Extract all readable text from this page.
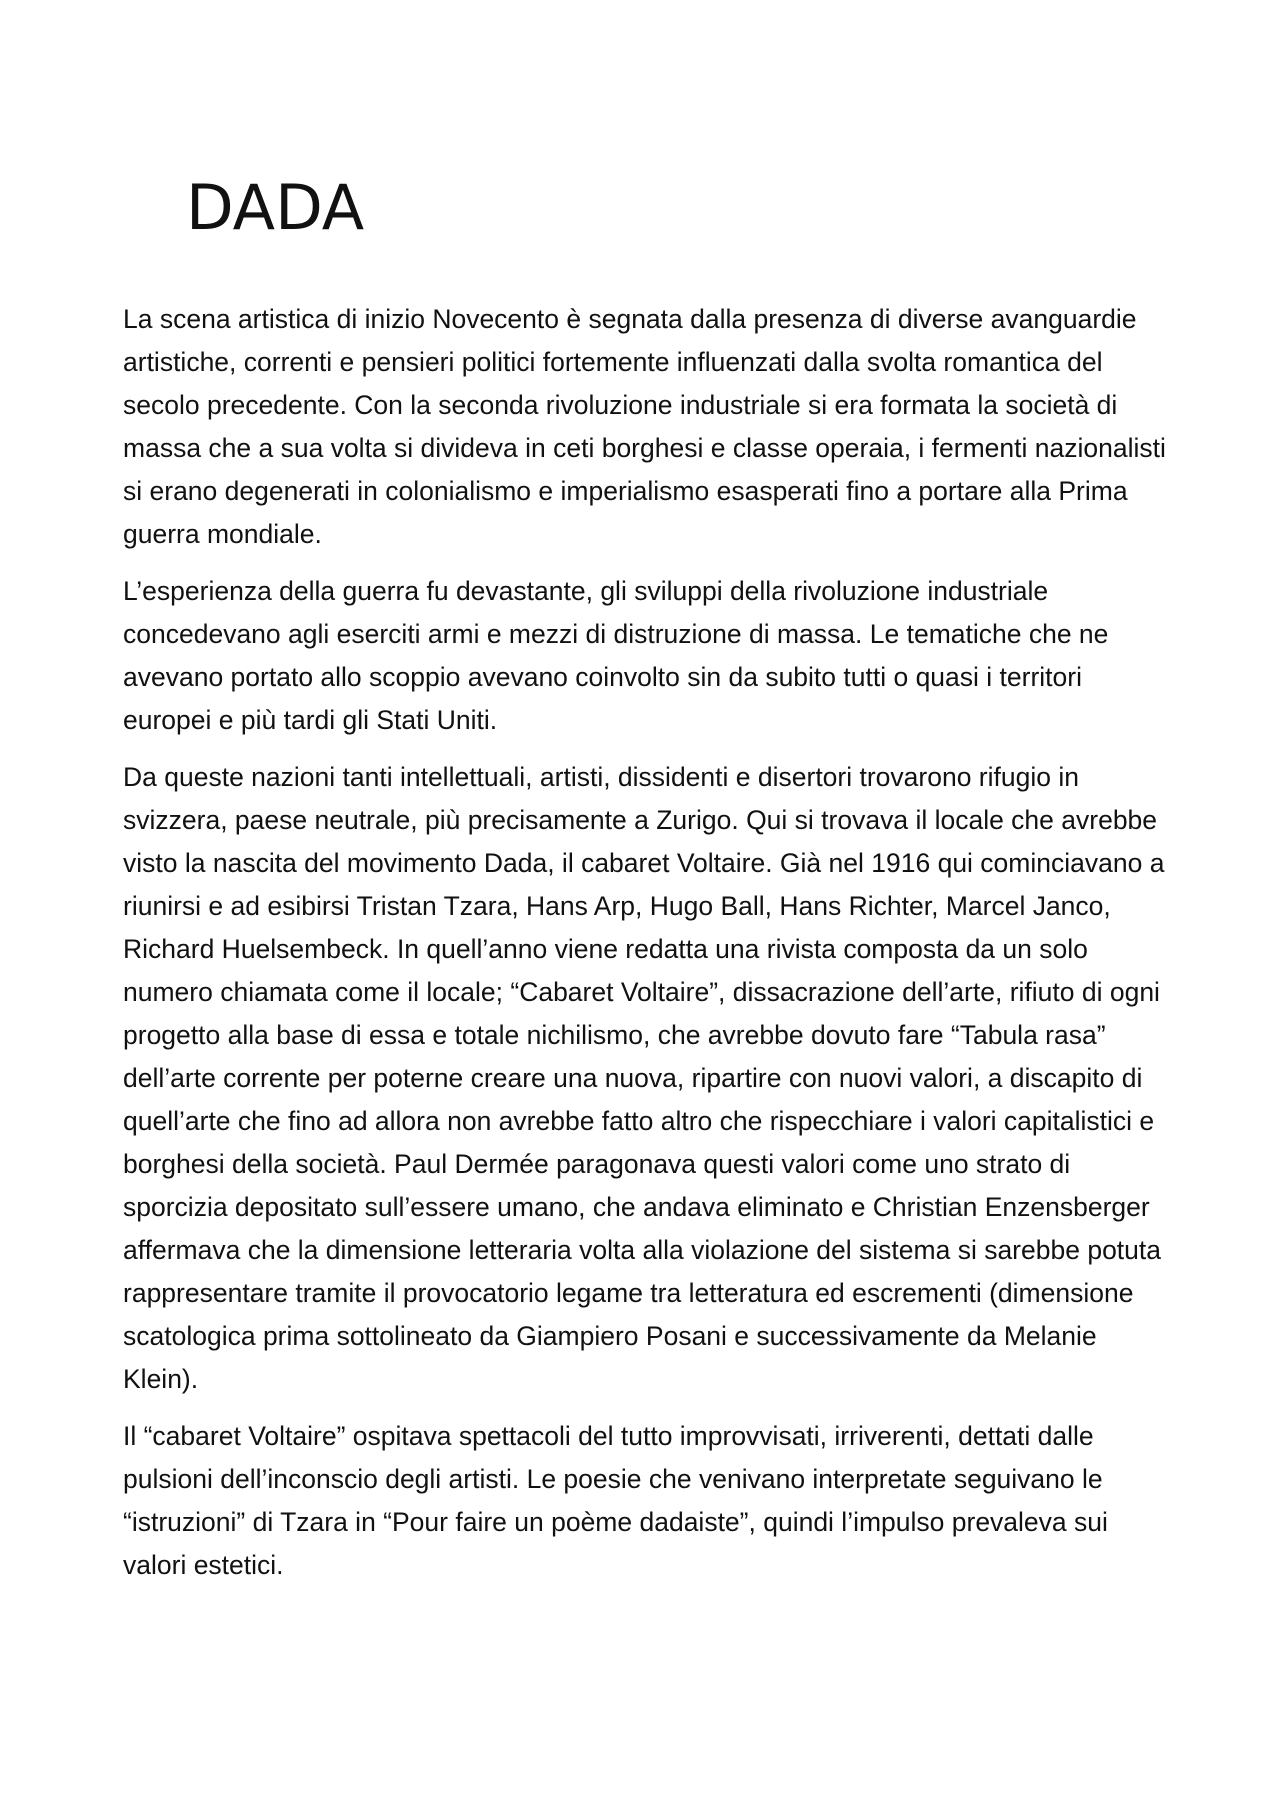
DADA

La scena artistica di inizio Novecento è segnata dalla presenza di diverse avanguardie artistiche, correnti e pensieri politici fortemente influenzati dalla svolta romantica del secolo precedente. Con la seconda rivoluzione industriale si era formata la società di massa che a sua volta si divideva in ceti borghesi e classe operaia, i fermenti nazionalisti si erano degenerati in colonialismo e imperialismo esasperati fino a portare alla Prima guerra mondiale.

L’esperienza della guerra fu devastante, gli sviluppi della rivoluzione industriale concedevano agli eserciti armi e mezzi di distruzione di massa. Le tematiche che ne avevano portato allo scoppio avevano coinvolto sin da subito tutti o quasi i territori europei e più tardi gli Stati Uniti.

Da queste nazioni tanti intellettuali, artisti, dissidenti e disertori trovarono rifugio in svizzera, paese neutrale, più precisamente a Zurigo. Qui si trovava il locale che avrebbe visto la nascita del movimento Dada, il cabaret Voltaire. Già nel 1916 qui cominciavano a riunirsi e ad esibirsi Tristan Tzara, Hans Arp, Hugo Ball, Hans Richter, Marcel Janco, Richard Huelsembeck. In quell’anno viene redatta una rivista composta da un solo numero chiamata come il locale; “Cabaret Voltaire”, dissacrazione dell’arte, rifiuto di ogni progetto alla base di essa e totale nichilismo, che avrebbe dovuto fare “Tabula rasa” dell’arte corrente per poterne creare una nuova, ripartire con nuovi valori, a discapito di quell’arte che fino ad allora non avrebbe fatto altro che rispecchiare i valori capitalistici e borghesi della società. Paul Dermée paragonava questi valori come uno strato di sporcizia depositato sull’essere umano, che andava eliminato e Christian Enzensberger affermava che la dimensione letteraria volta alla violazione del sistema si sarebbe potuta rappresentare tramite il provocatorio legame tra letteratura ed escrementi (dimensione scatologica prima sottolineato da Giampiero Posani e successivamente da Melanie Klein).

Il “cabaret Voltaire” ospitava spettacoli del tutto improvvisati, irriverenti, dettati dalle pulsioni dell’inconscio degli artisti. Le poesie che venivano interpretate seguivano le “istruzioni” di Tzara in “Pour faire un poème dadaiste”, quindi l’impulso prevaleva sui valori estetici.
